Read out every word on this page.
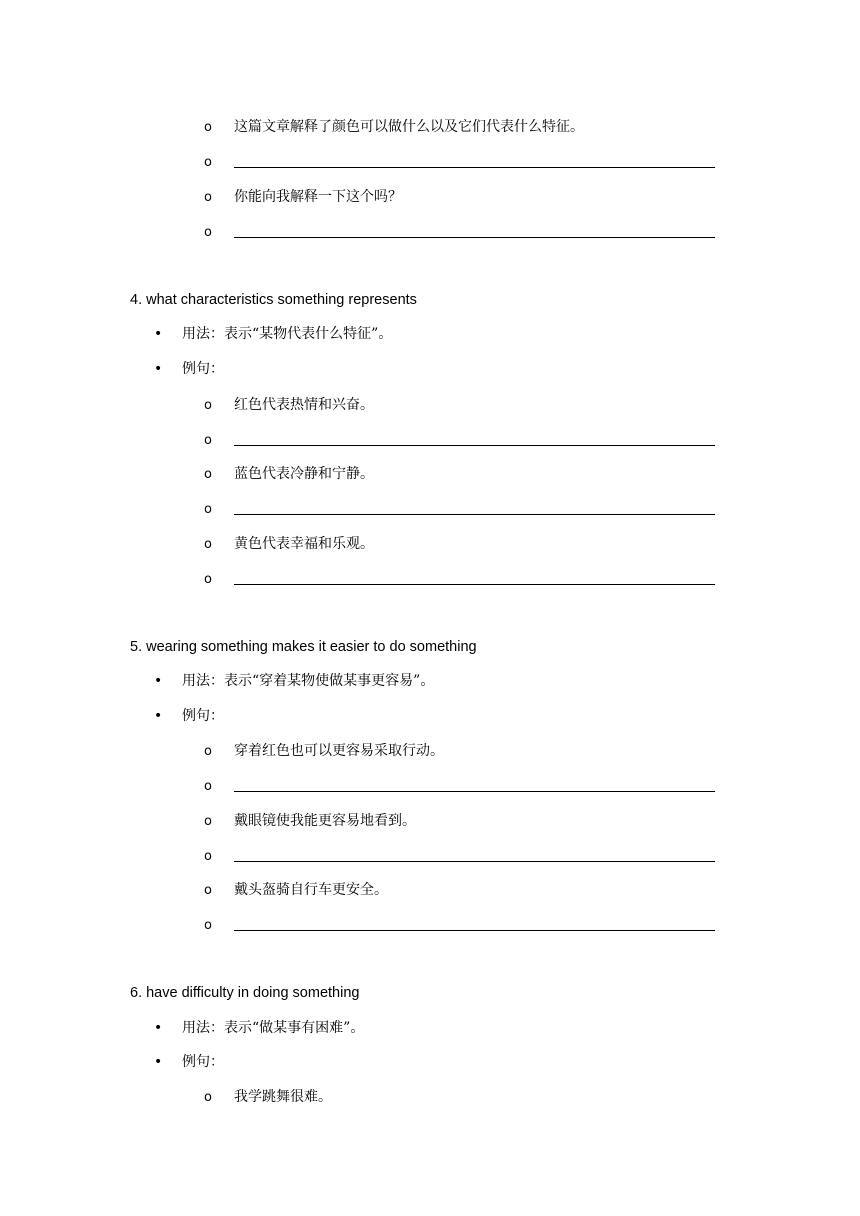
o 这篇文章解释了颜色可以做什么以及它们代表什么特征。
o
o 你能向我解释一下这个吗？
o
4. what characteristics something represents
• 用法：表示“某物代表什么特征”。
• 例句：
o 红色代表热情和兴奋。
o
o 蓝色代表冷静和宁静。
o
o 黄色代表幸福和乐观。
o
5. wearing something makes it easier to do something
• 用法：表示“穿着某物使做某事更容易”。
• 例句：
o 穿着红色也可以更容易采取行动。
o
o 戴眼镜使我能更容易地看到。
o
o 戴头盔骑自行车更安全。
o
6. have difficulty in doing something
• 用法：表示“做某事有困难”。
• 例句：
o 我学跳舞很难。
